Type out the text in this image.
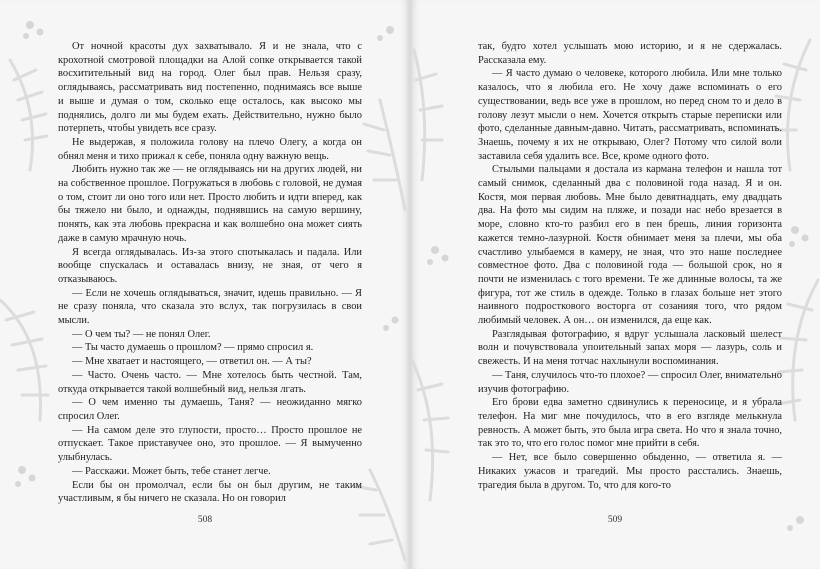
От ночной красоты дух захватывало. Я и не знала, что с крохотной смотровой площадки на Алой сопке открывается такой восхитительный вид на город. Олег был прав. Нельзя сразу, оглядываясь, рассматривать вид постепенно, поднимаясь все выше и выше и думая о том, сколько еще осталось, как высоко мы поднялись, долго ли мы будем ехать. Действительно, нужно было потерпеть, чтобы увидеть все сразу.

Не выдержав, я положила голову на плечо Олегу, а когда он обнял меня и тихо прижал к себе, поняла одну важную вещь.

Любить нужно так же — не оглядываясь ни на других людей, ни на собственное прошлое. Погружаться в любовь с головой, не думая о том, стоит ли оно того или нет. Просто любить и идти вперед, как бы тяжело ни было, и однажды, поднявшись на самую вершину, понять, как эта любовь прекрасна и как волшебно она может сиять даже в самую мрачную ночь.

Я всегда оглядывалась. Из-за этого спотыкалась и падала. Или вообще спускалась и оставалась внизу, не зная, от чего я отказываюсь.

— Если не хочешь оглядываться, значит, идешь правильно. — Я не сразу поняла, что сказала это вслух, так погрузилась в свои мысли.

— О чем ты? — не понял Олег.

— Ты часто думаешь о прошлом? — прямо спросил я.

— Мне хватает и настоящего, — ответил он. — А ты?

— Часто. Очень часто. — Мне хотелось быть честной. Там, откуда открывается такой волшебный вид, нельзя лгать.

— О чем именно ты думаешь, Таня? — неожиданно мягко спросил Олег.

— На самом деле это глупости, просто… Просто прошлое не отпускает. Такое приставучее оно, это прошлое. — Я вымученно улыбнулась.

— Расскажи. Может быть, тебе станет легче.

Если бы он промолчал, если бы он был другим, не таким участливым, я бы ничего не сказала. Но он говорил

508

так, будто хотел услышать мою историю, и я не сдержалась. Рассказала ему.

— Я часто думаю о человеке, которого любила. Или мне только казалось, что я любила его. Не хочу даже вспоминать о его существовании, ведь все уже в прошлом, но перед сном то и дело в голову лезут мысли о нем. Хочется открыть старые переписки или фото, сделанные давным-давно. Читать, рассматривать, вспоминать. Знаешь, почему я их не открываю, Олег? Потому что силой воли заставила себя удалить все. Все, кроме одного фото.

Стылыми пальцами я достала из кармана телефон и нашла тот самый снимок, сделанный два с половиной года назад. Я и он. Костя, моя первая любовь. Мне было девятнадцать, ему двадцать два. На фото мы сидим на пляже, и позади нас небо врезается в море, словно кто-то разбил его в пен брешь, линия горизонта кажется темно-лазурной. Костя обнимает меня за плечи, мы оба счастливо улыбаемся в камеру, не зная, что это наше последнее совместное фото. Два с половиной года — большой срок, но я почти не изменилась с того времени. Те же длинные волосы, та же фигура, тот же стиль в одежде. Только в глазах больше нет этого наивного подросткового восторга от созанияя того, что рядом любимый человек. А он… он изменился, да еще как.

Разглядывая фотографию, я вдруг услышала ласковый шелест волн и почувствовала упоительный запах моря — лазурь, соль и свежесть. И на меня тотчас нахлынули воспоминания.

— Таня, случилось что-то плохое? — спросил Олег, внимательно изучив фотографию.

Его брови едва заметно сдвинулись к переносице, и я убрала телефон. На миг мне почудилось, что в его взгляде мелькнула ревность. А может быть, это была игра света. Но что я знала точно, так это то, что его голос помог мне прийти в себя.

— Нет, все было совершенно обыденно, — ответила я. — Никаких ужасов и трагедий. Мы просто расстались. Знаешь, трагедия была в другом. То, что для кого-то

509
